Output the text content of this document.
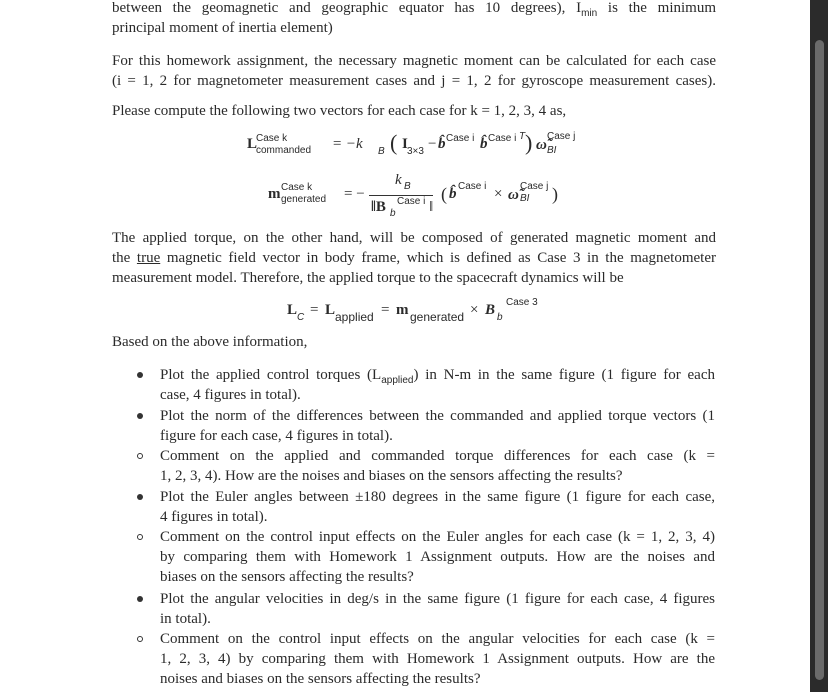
between the geomagnetic and geographic equator has 10 degrees), $I_{min}$ is the minimum
principal moment of inertia element)
For this homework assignment, the necessary magnetic moment can be calculated for each case
(i = 1, 2 for magnetometer measurement cases and j = 1, 2 for gyroscope measurement cases).
Please compute the following two vectors for each case for k = 1, 2, 3, 4 as,
L
Case k
commanded = −k B ( I 3×3 − b̂ Case i b̂ Case i T ) ω̃
Case j
BI
m Case k
generated = −
k B
‖B b
Case i ‖
( b̂ Case i × ω̃
Case j
BI )
The applied torque, on the other hand, will be composed of generated magnetic moment and
the true magnetic field vector in body frame, which is defined as Case 3 in the magnetometer
measurement model. Therefore, the applied torque to the spacecraft dynamics will be
L C = L applied = m generated × B b
Case 3
Based on the above information,
Plot the applied control torques $(L_{applied})$ in N-m in the same figure (1 figure for each
case, 4 figures in total).
Plot the norm of the differences between the commanded and applied torque vectors (1
figure for each case, 4 figures in total).
Comment on the applied and commanded torque differences for each case (k =
1, 2, 3, 4). How are the noises and biases on the sensors affecting the results?
Plot the Euler angles between ±180 degrees in the same figure (1 figure for each case,
4 figures in total).
Comment on the control input effects on the Euler angles for each case (k = 1, 2, 3, 4)
by comparing them with Homework 1 Assignment outputs. How are the noises and
biases on the sensors affecting the results?
Plot the angular velocities in deg/s in the same figure (1 figure for each case, 4 figures
in total).
Comment on the control input effects on the angular velocities for each case (k =
1, 2, 3, 4) by comparing them with Homework 1 Assignment outputs. How are the
noises and biases on the sensors affecting the results?
